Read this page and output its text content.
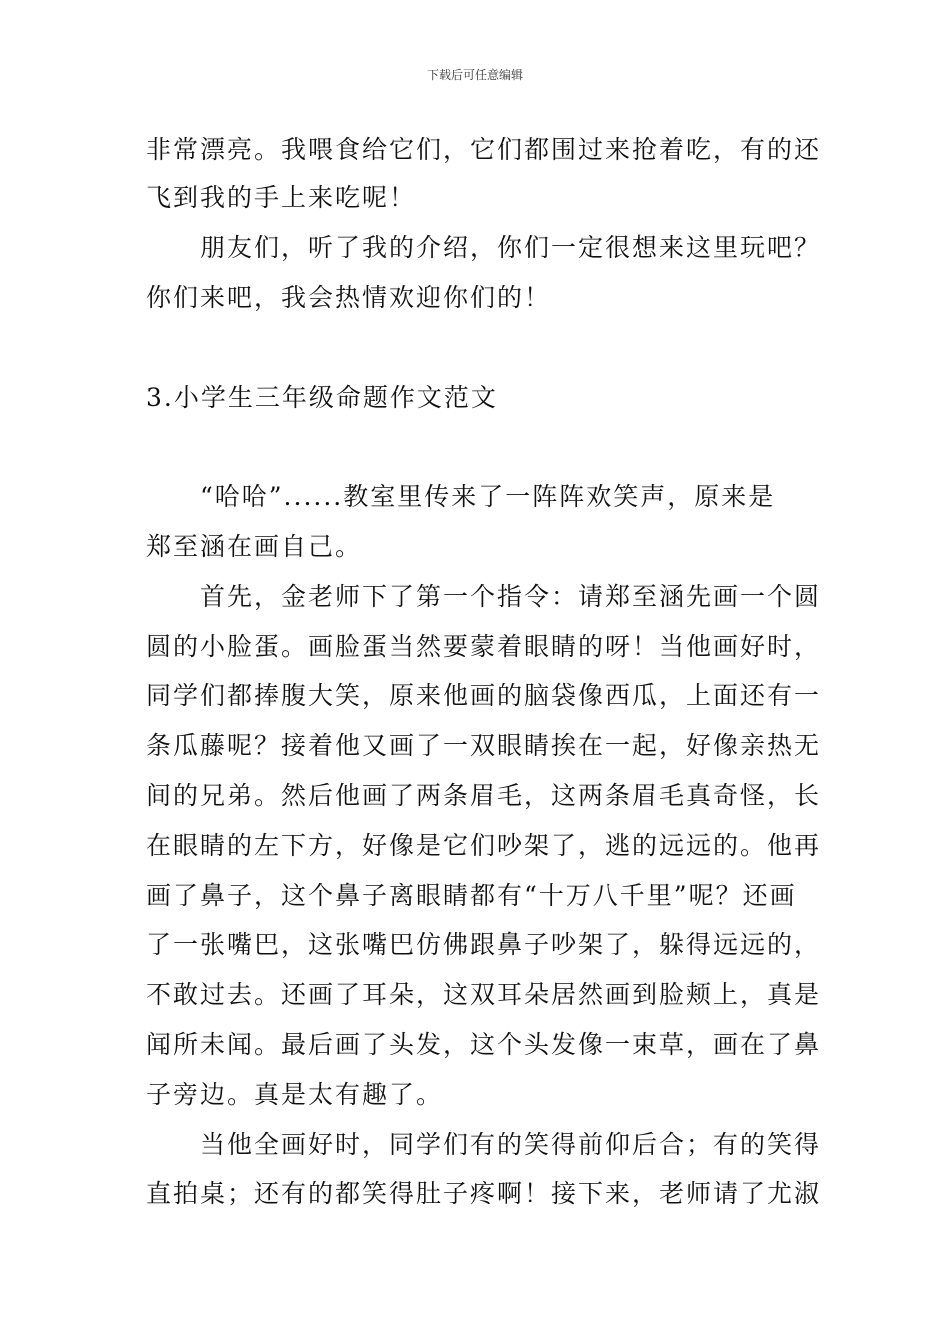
下载后可任意编辑
非常漂亮。我喂食给它们，它们都围过来抢着吃，有的还
飞到我的手上来吃呢！
　　朋友们，听了我的介绍，你们一定很想来这里玩吧？
你们来吧，我会热情欢迎你们的！
3.小学生三年级命题作文范文
　　“哈哈”......教室里传来了一阵阵欢笑声，原来是
郑至涵在画自己。
　　首先，金老师下了第一个指令：请郑至涵先画一个圆
圆的小脸蛋。画脸蛋当然要蒙着眼睛的呀！当他画好时，
同学们都捧腹大笑，原来他画的脑袋像西瓜，上面还有一
条瓜藤呢？接着他又画了一双眼睛挨在一起，好像亲热无
间的兄弟。然后他画了两条眉毛，这两条眉毛真奇怪，长
在眼睛的左下方，好像是它们吵架了，逃的远远的。他再
画了鼻子，这个鼻子离眼睛都有“十万八千里”呢？还画
了一张嘴巴，这张嘴巴仿佛跟鼻子吵架了，躲得远远的，
不敢过去。还画了耳朵，这双耳朵居然画到脸颊上，真是
闻所未闻。最后画了头发，这个头发像一束草，画在了鼻
子旁边。真是太有趣了。
　　当他全画好时，同学们有的笑得前仰后合；有的笑得
直拍桌；还有的都笑得肚子疼啊！接下来，老师请了尤淑
